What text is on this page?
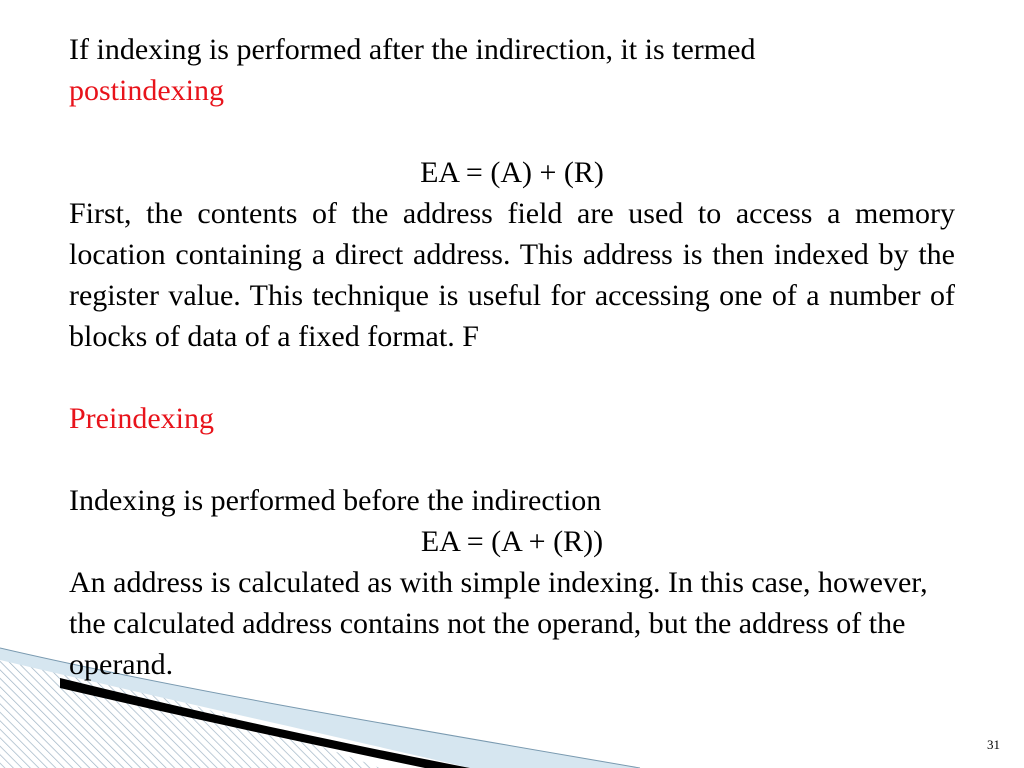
If indexing is performed after the indirection, it is termed

postindexing

EA = (A) + (R)

First, the contents of the address field are used to access a memory location containing a direct address. This address is then indexed by the register value. This technique is useful for accessing one of a number of blocks of data of a fixed format. F

Preindexing

Indexing is performed before the indirection

EA = (A + (R))

An address is calculated as with simple indexing. In this case, however, the calculated address contains not the operand, but the address of the operand.

31
